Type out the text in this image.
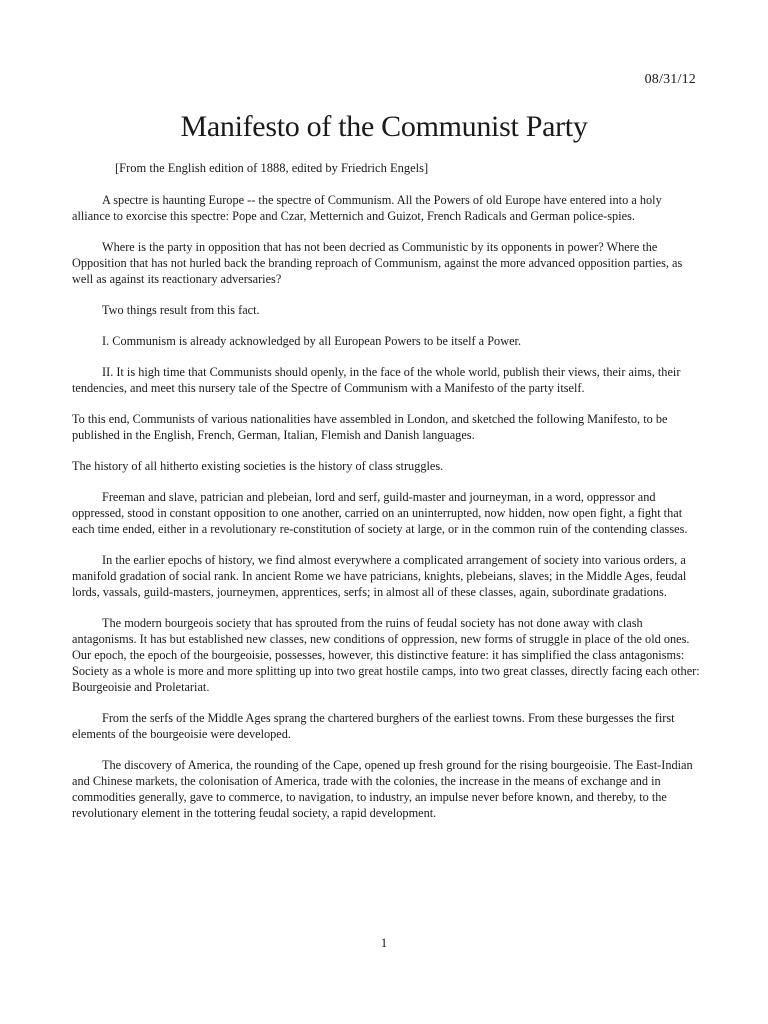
08/31/12
Manifesto of the Communist Party
[From the English edition of 1888, edited by Friedrich Engels]

A spectre is haunting Europe -- the spectre of Communism. All the Powers of old Europe have entered into a holy alliance to exorcise this spectre: Pope and Czar, Metternich and Guizot, French Radicals and German police-spies.

Where is the party in opposition that has not been decried as Communistic by its opponents in power? Where the Opposition that has not hurled back the branding reproach of Communism, against the more advanced opposition parties, as well as against its reactionary adversaries?

Two things result from this fact.

I. Communism is already acknowledged by all European Powers to be itself a Power.

II. It is high time that Communists should openly, in the face of the whole world, publish their views, their aims, their tendencies, and meet this nursery tale of the Spectre of Communism with a Manifesto of the party itself.

To this end, Communists of various nationalities have assembled in London, and sketched the following Manifesto, to be published in the English, French, German, Italian, Flemish and Danish languages.

The history of all hitherto existing societies is the history of class struggles.

Freeman and slave, patrician and plebeian, lord and serf, guild-master and journeyman, in a word, oppressor and oppressed, stood in constant opposition to one another, carried on an uninterrupted, now hidden, now open fight, a fight that each time ended, either in a revolutionary re-constitution of society at large, or in the common ruin of the contending classes.

In the earlier epochs of history, we find almost everywhere a complicated arrangement of society into various orders, a manifold gradation of social rank. In ancient Rome we have patricians, knights, plebeians, slaves; in the Middle Ages, feudal lords, vassals, guild-masters, journeymen, apprentices, serfs; in almost all of these classes, again, subordinate gradations.

The modern bourgeois society that has sprouted from the ruins of feudal society has not done away with clash antagonisms. It has but established new classes, new conditions of oppression, new forms of struggle in place of the old ones. Our epoch, the epoch of the bourgeoisie, possesses, however, this distinctive feature: it has simplified the class antagonisms: Society as a whole is more and more splitting up into two great hostile camps, into two great classes, directly facing each other: Bourgeoisie and Proletariat.

From the serfs of the Middle Ages sprang the chartered burghers of the earliest towns. From these burgesses the first elements of the bourgeoisie were developed.

The discovery of America, the rounding of the Cape, opened up fresh ground for the rising bourgeoisie. The East-Indian and Chinese markets, the colonisation of America, trade with the colonies, the increase in the means of exchange and in commodities generally, gave to commerce, to navigation, to industry, an impulse never before known, and thereby, to the revolutionary element in the tottering feudal society, a rapid development.

1
